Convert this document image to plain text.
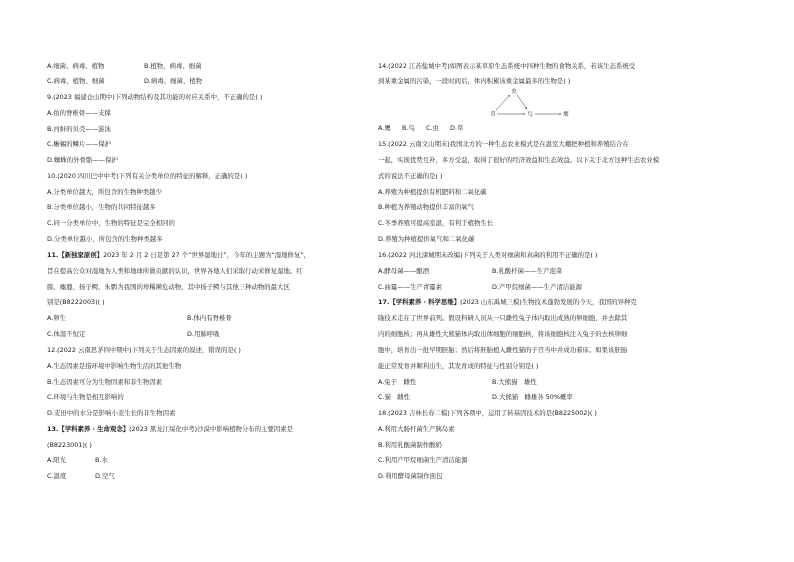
A.细菌、病毒、植物	B.植物、病毒、细菌
C.病毒、植物、细菌	D.病毒、细菌、植物
9.(2023 福建仓山期中)下列动物结构及其功能的对应关系中，不正确的是( )
A.鱼的脊椎骨——支撑
B.河蚌的贝壳——游泳
C.蜥蜴的鳞片——保护
D.蜘蛛的外骨骼——保护
10.(2020 四川巴中中考)下列有关分类单位的特征的解释，正确的是( )
A.分类单位越大，所包含的生物种类越少
B.分类单位越小，生物的共同特征越多
C.同一分类单位中，生物的特征是完全相同的
D.分类单位越小，所包含的生物种类越多
11.【新独家原创】2023 年 2 月 2 日是第 27 个“世界湿地日”，今年的主题为“湿地修复”，
旨在提高公众对湿地为人类和地球所做贡献的认识，世界各地人们采取行动来修复湿地。红
豚、麋鹿、扬子鳄、朱鹮为我国的珍稀濒危动物，其中扬子鳄与其他三种动物的最大区
别是(B8222003)( )
A.卵生	B.体内有脊椎骨
C.体温不恒定	D.用肺呼吸
12.(2022 云南思茅四中期中)下列关于生态因素的叙述，错误的是( )
A.生态因素是指环境中影响生物生活的其他生物
B.生态因素可分为生物因素和非生物因素
C.环境与生物是相互影响的
D.麦田中的水分是影响小麦生长的非生物因素
13.【学科素养 · 生命观念】(2023 黑龙江绥化中考)沙漠中影响植物分布的主要因素是
(B8223001)( )
A.阳光	B.水
C.温度	D.空气
14.(2022 江苏盐城中考)如图表示某草原生态系统中四种生物的食物关系，若该生态系统受
到某重金属的污染，一段时间后，体内积累该重金属最多的生物是( )
A.鹰 B.鸟 C.虫 D.草
15.(2022 云南文山期末)我国北方的一种生态农业模式是在温室大棚把种植和养殖结合在
一起，实现优势互补，多方受益，取得了很好的经济效益和生态效益。以下关于北方这种生态农业模
式的说法不正确的是( )
A.养殖为种植提供有机肥料和二氧化碳
B.种植为养殖动物提供丰富的氧气
C.冬季养殖可提高室温，有利于植物生长
D.养殖为种植提供氧气和二氧化碳
16.(2022 河北滦城期末改编)下列关于人类对细菌和真菌的利用不正确的是( )
A.酵母菌——酿酒	B.乳酸杆菌——生产泡菜
C.曲霉——生产青霉素	D.产甲烷细菌——生产清洁能源
17.【学科素养 · 科学思维】(2023 山东禹城三模)生物技术蓬勃发展的今天，我国的异种克
隆技术走在了世界前列。假设科研人员从一只雌性兔子体内取出成熟的卵细胞，并去除其
内的细胞核；再从雄性大熊猫体内取出体细胞的细胞核，将该细胞核注入兔子的去核卵细
胞中，培育出一批早期胚胎；然后将胚胎植入雌性猫的子宫当中并成功着床。如果该胚胎
能正常发育并顺利出生，其发育成的特征与性别分别是( )
A.兔子　雌性	B.大熊猫　雄性
C.猫　雌性	D.大熊猫　雌雄各 50%概率
18.(2023 吉林长春二模)下列各项中，运用了转基因技术的是(B8225002)( )
A.利用大肠杆菌生产胰岛素
B.利用乳酸菌制作酸奶
C.利用产甲烷细菌生产清洁能源
D.利用酵母菌制作面包
虫
草	鸟	鹰
